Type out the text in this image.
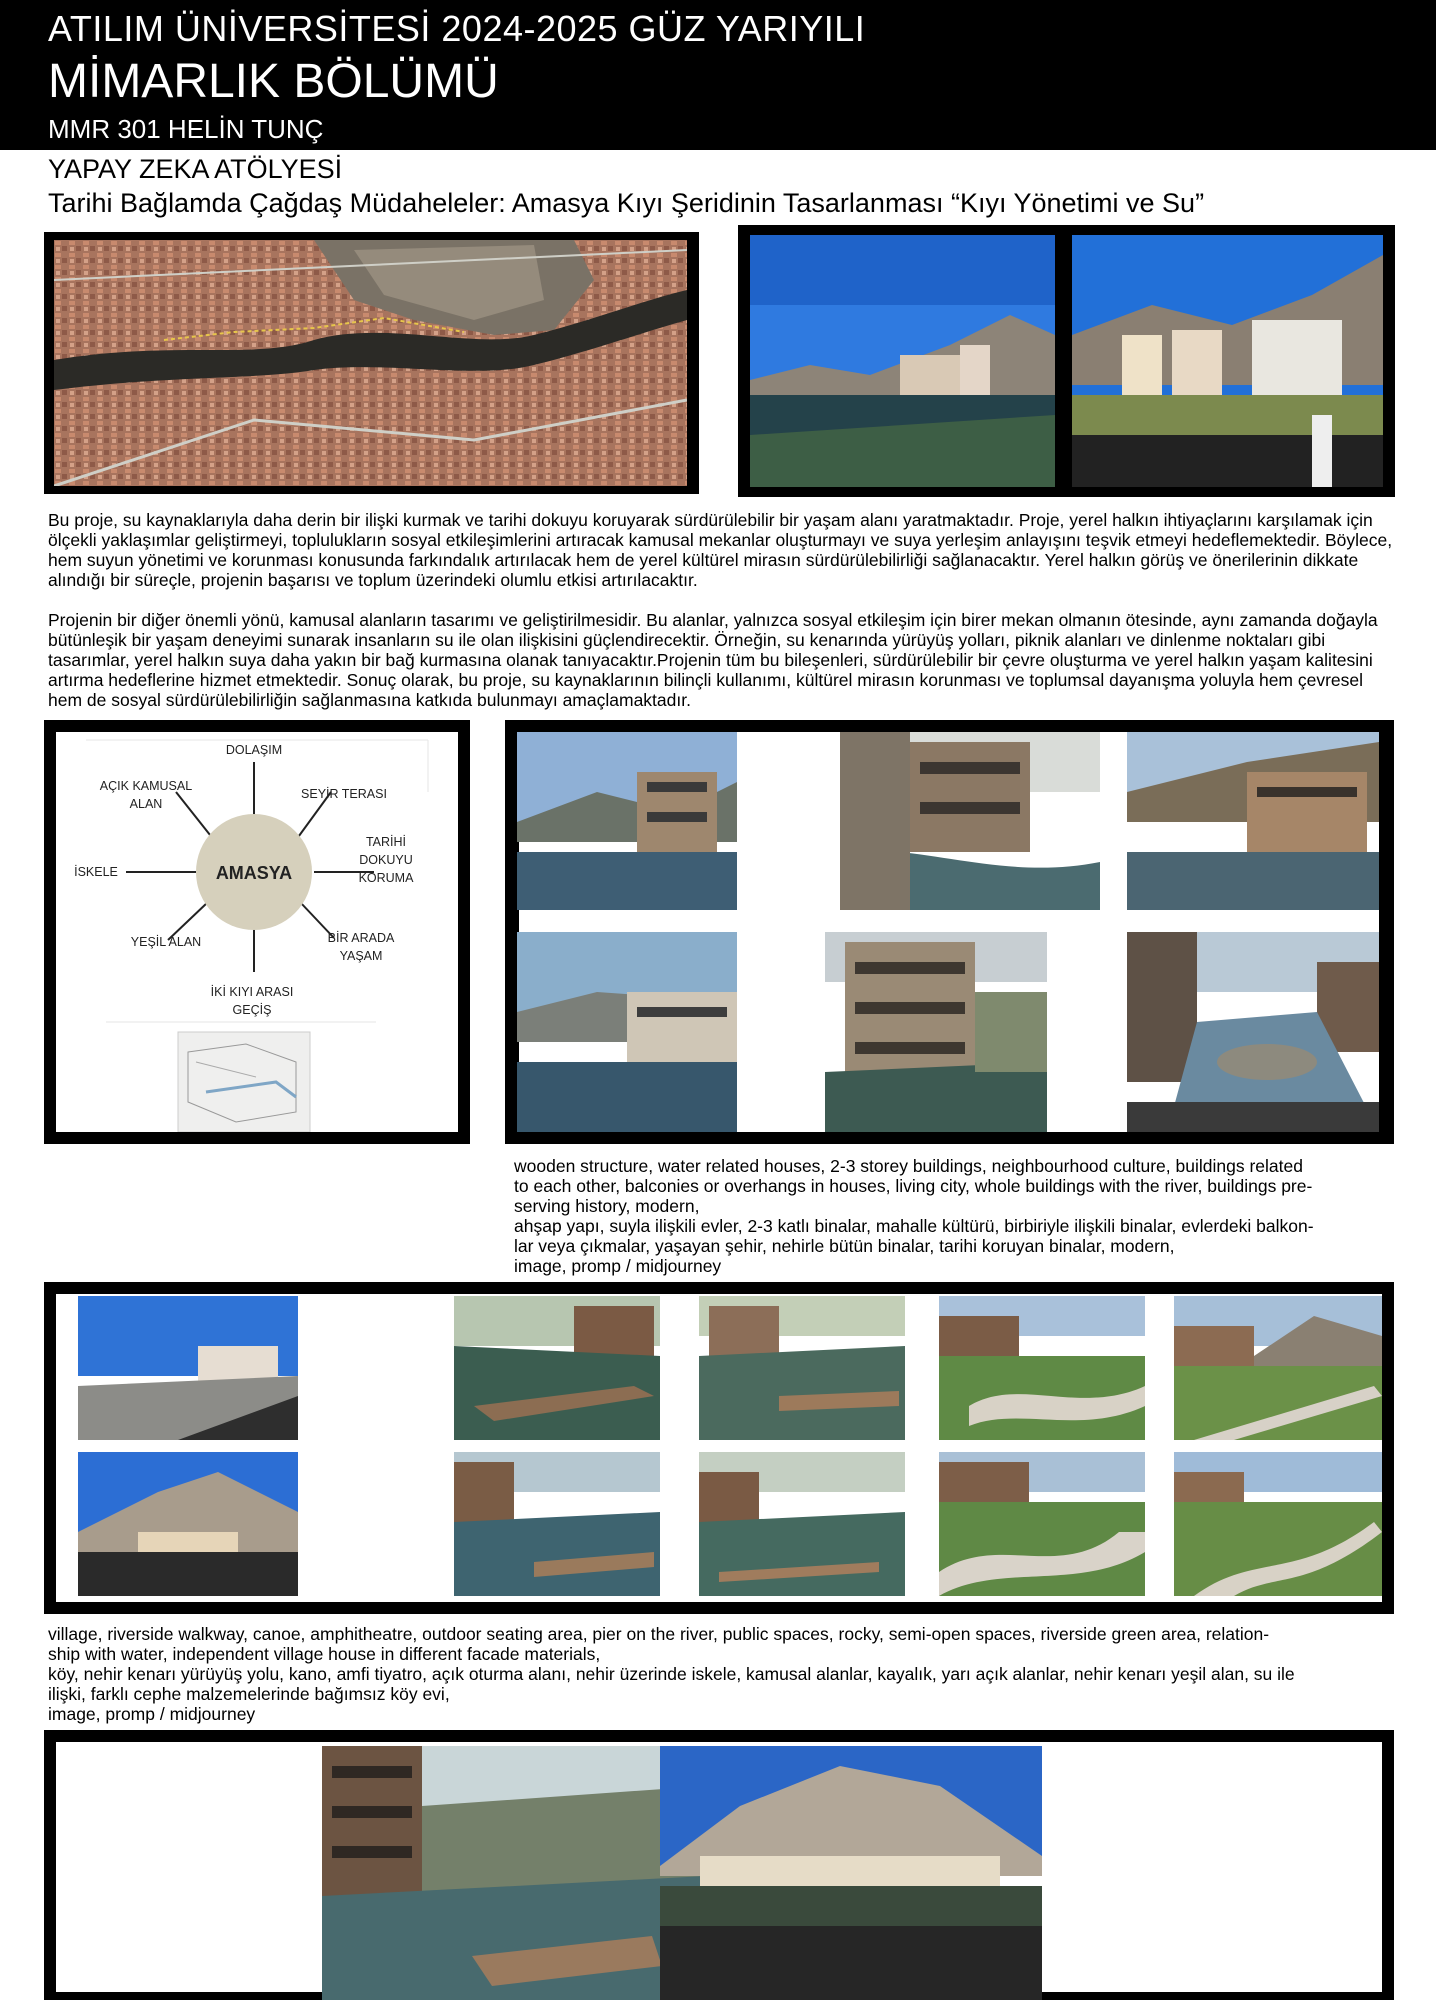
ATILIM ÜNİVERSİTESİ 2024-2025 GÜZ YARIYILI
MİMARLIK BÖLÜMÜ
MMR 301 HELİN TUNÇ
YAPAY ZEKA ATÖLYESİ
Tarihi Bağlamda Çağdaş Müdaheleler: Amasya Kıyı Şeridinin Tasarlanması “Kıyı Yönetimi ve Su”

Bu proje, su kaynaklarıyla daha derin bir ilişki kurmak ve tarihi dokuyu koruyarak sürdürülebilir bir yaşam alanı yaratmaktadır. Proje, yerel halkın ihtiyaçlarını karşılamak için ölçekli yaklaşımlar geliştirmeyi, toplulukların sosyal etkileşimlerini artıracak kamusal mekanlar oluşturmayı ve suya yerleşim anlayışını teşvik etmeyi hedeflemektedir. Böylece, hem suyun yönetimi ve korunması konusunda farkındalık artırılacak hem de yerel kültürel mirasın sürdürülebilirliği sağlanacaktır. Yerel halkın görüş ve önerilerinin dikkate alındığı bir süreçle, projenin başarısı ve toplum üzerindeki olumlu etkisi artırılacaktır.

Projenin bir diğer önemli yönü, kamusal alanların tasarımı ve geliştirilmesidir. Bu alanlar, yalnızca sosyal etkileşim için birer mekan olmanın ötesinde, aynı zamanda doğayla bütünleşik bir yaşam deneyimi sunarak insanların su ile olan ilişkisini güçlendirecektir. Örneğin, su kenarında yürüyüş yolları, piknik alanları ve dinlenme noktaları gibi tasarımlar, yerel halkın suya daha yakın bir bağ kurmasına olanak tanıyacaktır.Projenin tüm bu bileşenleri, sürdürülebilir bir çevre oluşturma ve yerel halkın yaşam kalitesini artırma hedeflerine hizmet etmektedir. Sonuç olarak, bu proje, su kaynaklarının bilinçli kullanımı, kültürel mirasın korunması ve toplumsal dayanışma yoluyla hem çevresel hem de sosyal sürdürülebilirliğin sağlanmasına katkıda bulunmayı amaçlamaktadır.

AMASYA
DOLAŞIM
AÇIK KAMUSAL
ALAN
SEYİR TERASI
TARİHİ
DOKUYU
KORUMA
İSKELE
BİR ARADA
YAŞAM
YEŞİL ALAN
İKİ KIYI ARASI
GEÇİŞ

wooden structure, water related houses, 2-3 storey buildings, neighbourhood culture, buildings related

to each other, balconies or overhangs in houses, living city, whole buildings with the river, buildings pre-

serving history, modern,

ahşap yapı, suyla ilişkili evler, 2-3 katlı binalar, mahalle kültürü, birbiriyle ilişkili binalar, evlerdeki balkon-

lar veya çıkmalar, yaşayan şehir, nehirle bütün binalar, tarihi koruyan binalar, modern,

image, promp / midjourney

village, riverside walkway, canoe, amphitheatre, outdoor seating area, pier on the river, public spaces, rocky, semi-open spaces, riverside green area, relation-

ship with water, independent village house in different facade materials,

köy, nehir kenarı yürüyüş yolu, kano, amfi tiyatro, açık oturma alanı, nehir üzerinde iskele, kamusal alanlar, kayalık, yarı açık alanlar, nehir kenarı yeşil alan, su ile

ilişki, farklı cephe malzemelerinde bağımsız köy evi,

image, promp / midjourney
